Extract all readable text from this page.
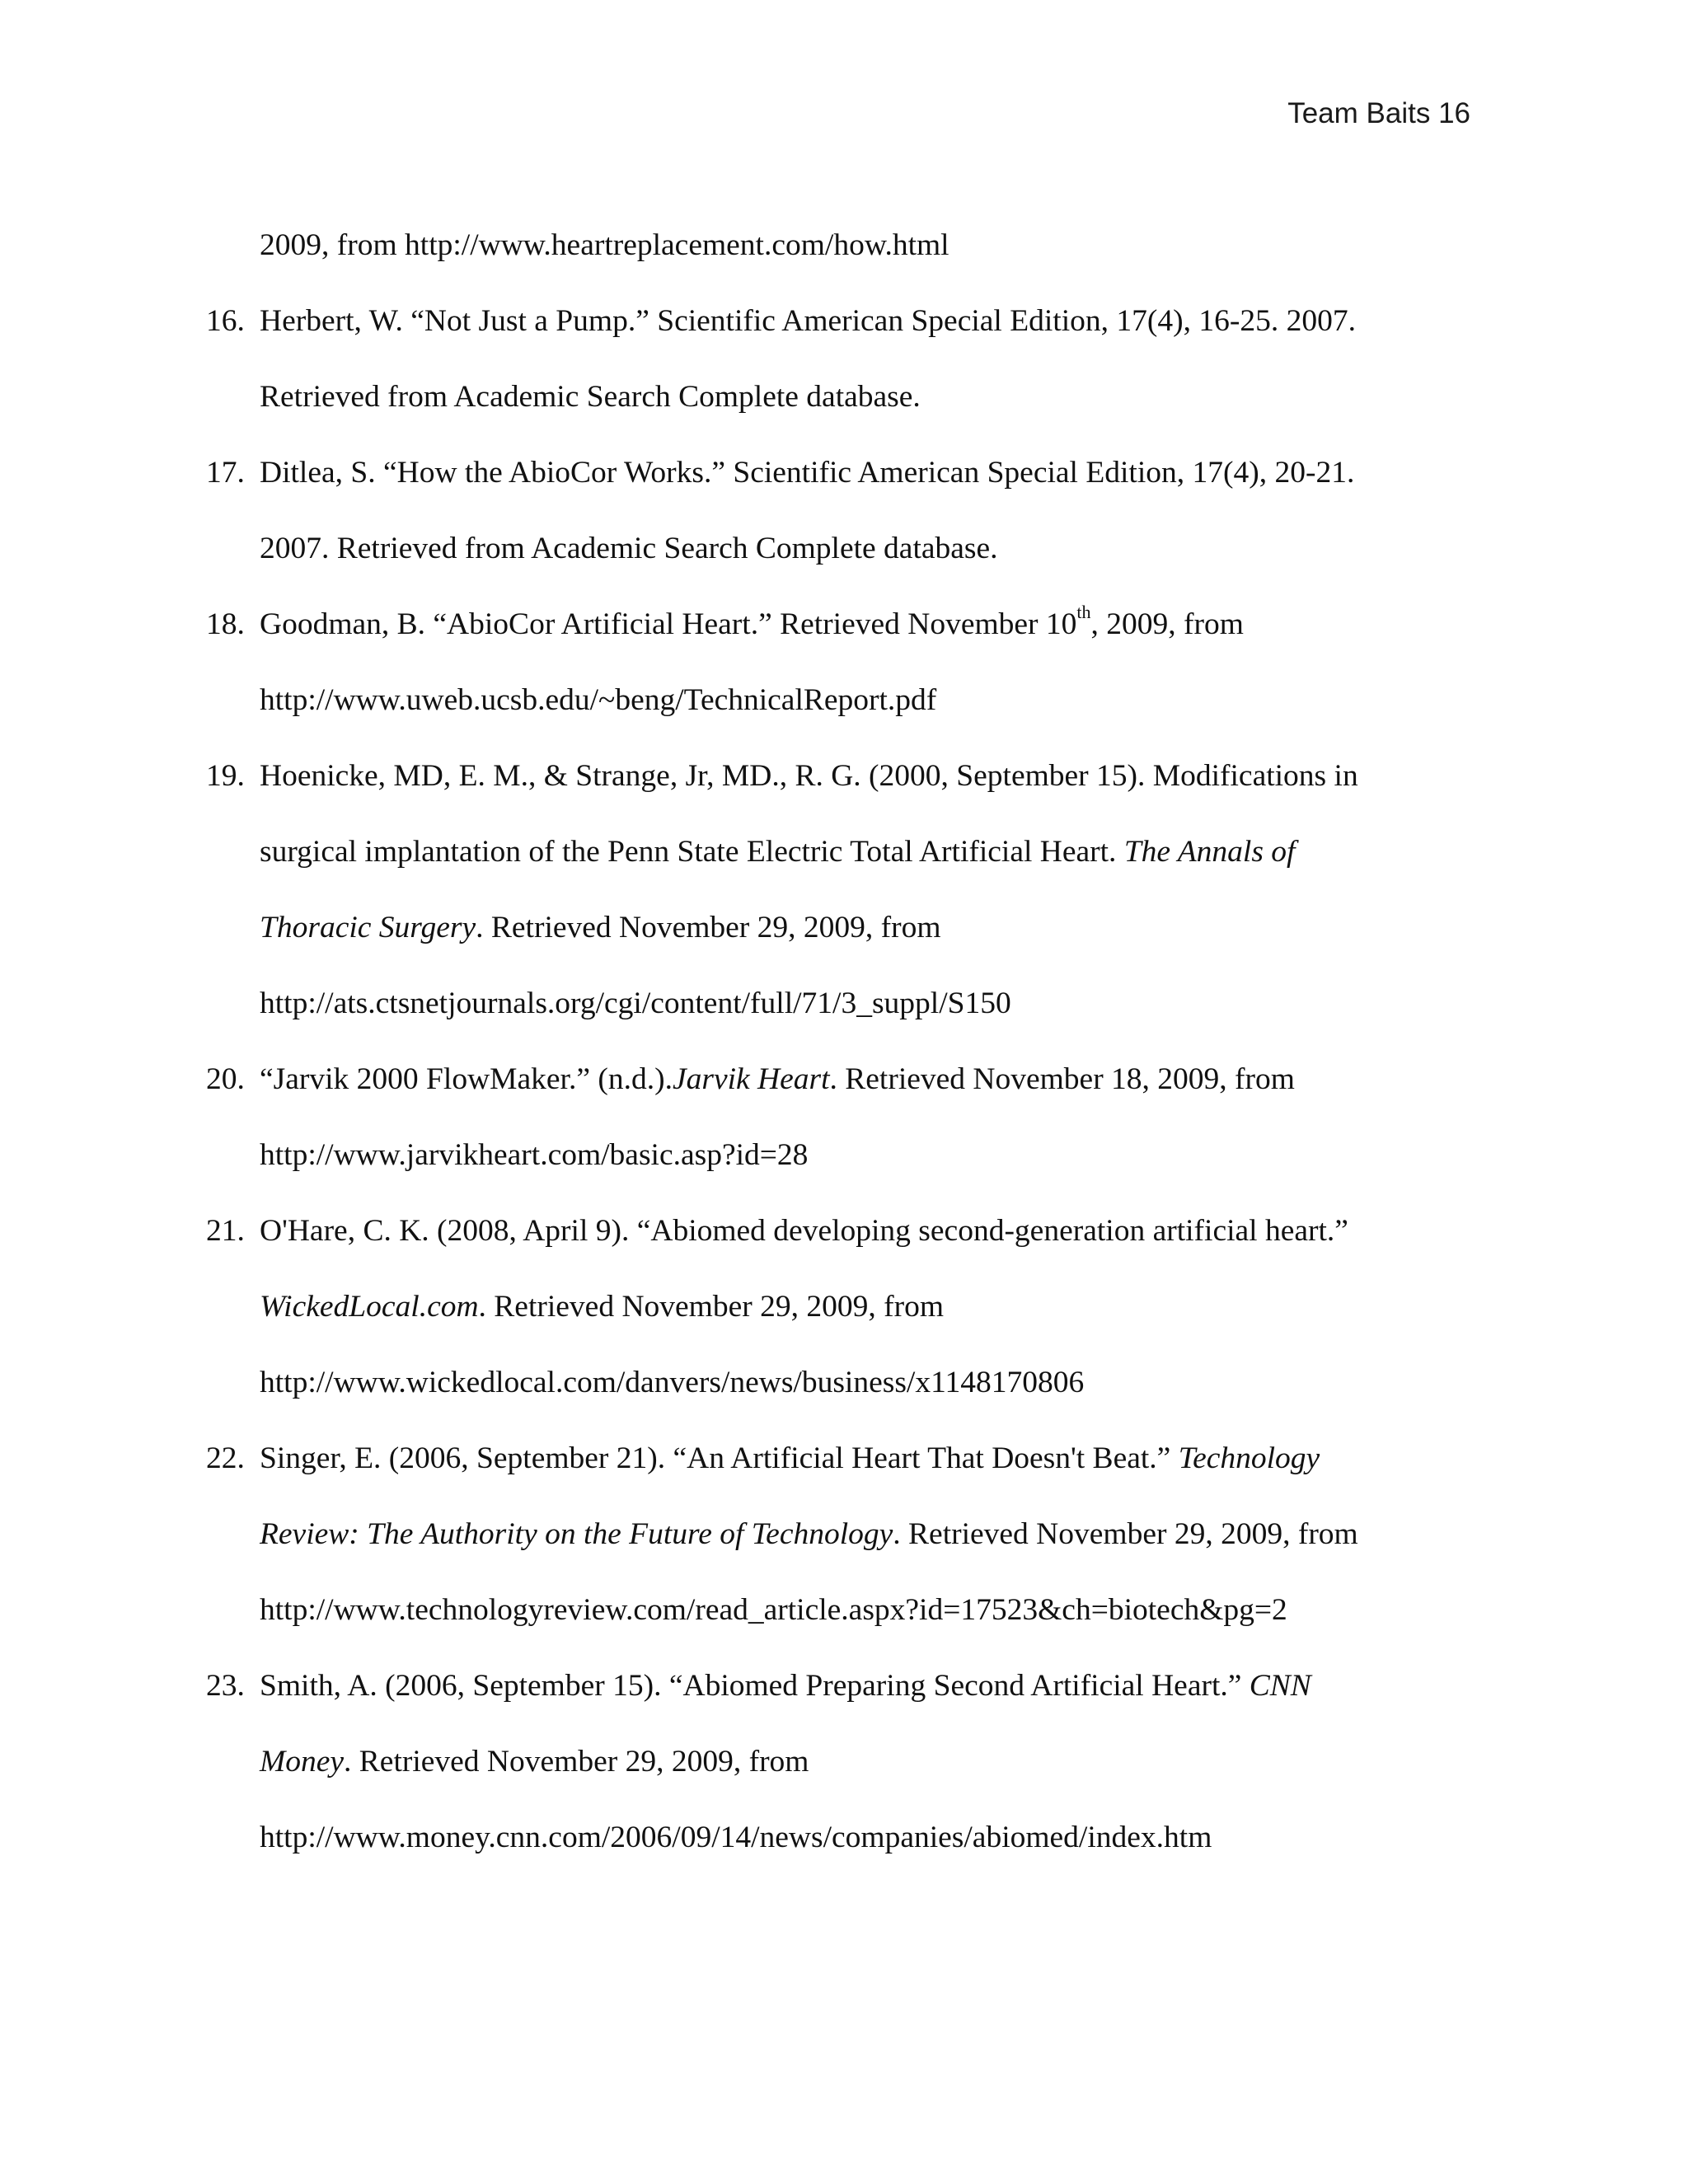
Team Baits 16
2009, from http://www.heartreplacement.com/how.html
16. Herbert, W. “Not Just a Pump.” Scientific American Special Edition, 17(4), 16-25. 2007.
Retrieved from Academic Search Complete database.
17. Ditlea, S. “How the AbioCor Works.” Scientific American Special Edition, 17(4), 20-21.
2007. Retrieved from Academic Search Complete database.
18. Goodman, B. “AbioCor Artificial Heart.” Retrieved November 10th, 2009, from
http://www.uweb.ucsb.edu/~beng/TechnicalReport.pdf
19. Hoenicke, MD, E. M., & Strange, Jr, MD., R. G. (2000, September 15). Modifications in
surgical implantation of the Penn State Electric Total Artificial Heart. The Annals of
Thoracic Surgery. Retrieved November 29, 2009, from
http://ats.ctsnetjournals.org/cgi/content/full/71/3_suppl/S150
20. “Jarvik 2000 FlowMaker.” (n.d.).Jarvik Heart. Retrieved November 18, 2009, from
http://www.jarvikheart.com/basic.asp?id=28
21. O'Hare, C. K. (2008, April 9). “Abiomed developing second-generation artificial heart.”
WickedLocal.com. Retrieved November 29, 2009, from
http://www.wickedlocal.com/danvers/news/business/x1148170806
22. Singer, E. (2006, September 21). “An Artificial Heart That Doesn't Beat.” Technology
Review: The Authority on the Future of Technology. Retrieved November 29, 2009, from
http://www.technologyreview.com/read_article.aspx?id=17523&ch=biotech&pg=2
23. Smith, A. (2006, September 15). “Abiomed Preparing Second Artificial Heart.” CNN
Money. Retrieved November 29, 2009, from
http://www.money.cnn.com/2006/09/14/news/companies/abiomed/index.htm
